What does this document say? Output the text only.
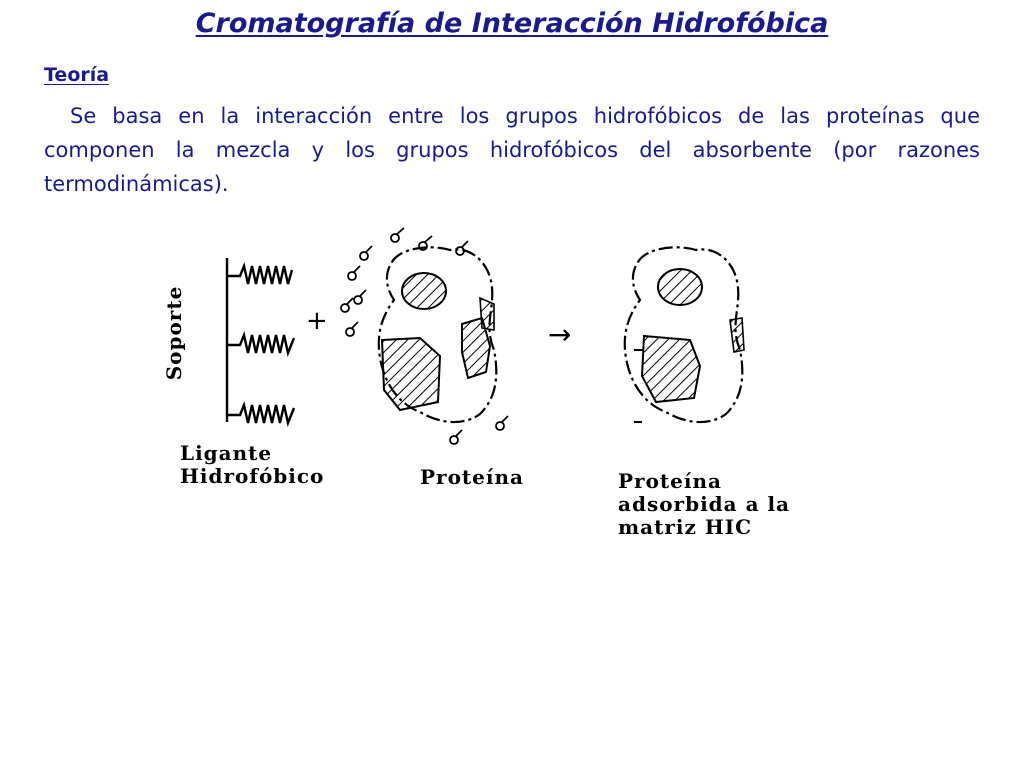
Cromatografía de Interacción Hidrofóbica
Teoría

Se basa en la interacción entre los grupos hidrofóbicos de las proteínas que componen la mezcla y los grupos hidrofóbicos del absorbente (por razones termodinámicas).

Soporte	+	→
Ligante
Hidrofóbico	Proteína	Proteína
adsorbida a la
matriz HIC
